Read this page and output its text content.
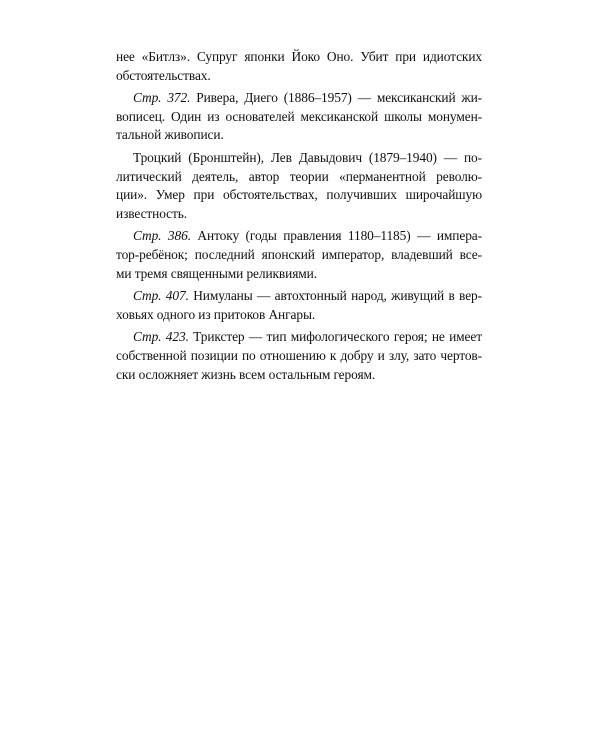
нее «Битлз». Супруг японки Йоко Оно. Убит при идиотских
обстоятельствах.
Стр. 372. Ривера, Диего (1886–1957) — мексиканский жи-
вописец. Один из основателей мексиканской школы монумен-
тальной живописи.
Троцкий (Бронштейн), Лев Давыдович (1879–1940) — по-
литический деятель, автор теории «перманентной револю-
ции». Умер при обстоятельствах, получивших широчайшую
известность.
Стр. 386. Антоку (годы правления 1180–1185) — импера-
тор-ребёнок; последний японский император, владевший все-
ми тремя священными реликвиями.
Стр. 407. Нимуланы — автохтонный народ, живущий в вер-
ховьях одного из притоков Ангары.
Стр. 423. Трикстер — тип мифологического героя; не имеет
собственной позиции по отношению к добру и злу, зато чертов-
ски осложняет жизнь всем остальным героям.
